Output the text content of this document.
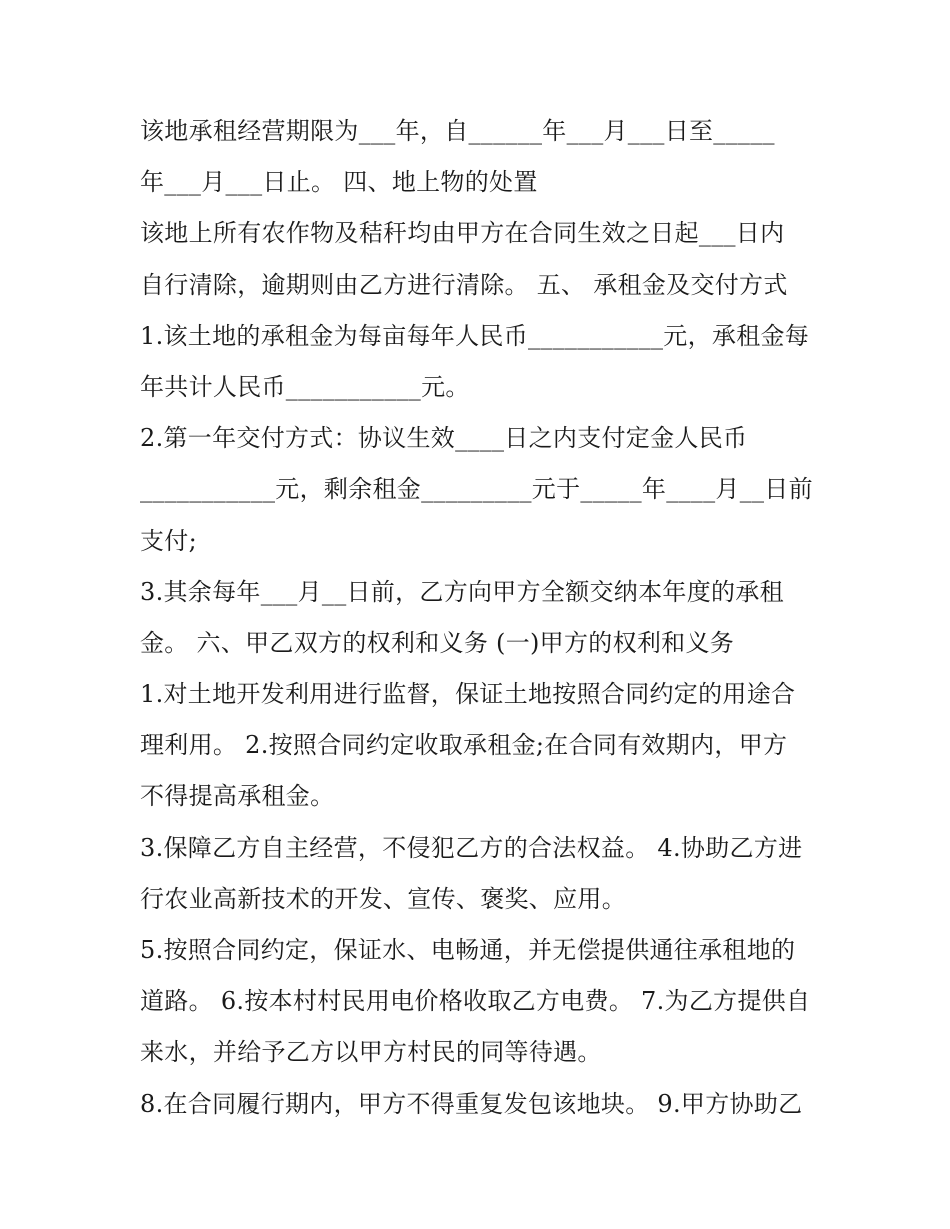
该地承租经营期限为___年，自______年___月___日至_____
年___月___日止。 四、地上物的处置
该地上所有农作物及秸秆均由甲方在合同生效之日起___日内
自行清除，逾期则由乙方进行清除。 五、 承租金及交付方式
1.该土地的承租金为每亩每年人民币___________元，承租金每
年共计人民币___________元。
2.第一年交付方式：协议生效____日之内支付定金人民币
___________元，剩余租金_________元于_____年____月__日前
支付;
3.其余每年___月__日前，乙方向甲方全额交纳本年度的承租
金。 六、甲乙双方的权利和义务 (一)甲方的权利和义务
1.对土地开发利用进行监督，保证土地按照合同约定的用途合
理利用。 2.按照合同约定收取承租金;在合同有效期内，甲方
不得提高承租金。
3.保障乙方自主经营，不侵犯乙方的合法权益。 4.协助乙方进
行农业高新技术的开发、宣传、褒奖、应用。
5.按照合同约定，保证水、电畅通，并无偿提供通往承租地的
道路。 6.按本村村民用电价格收取乙方电费。 7.为乙方提供自
来水，并给予乙方以甲方村民的同等待遇。
8.在合同履行期内，甲方不得重复发包该地块。 9.甲方协助乙
